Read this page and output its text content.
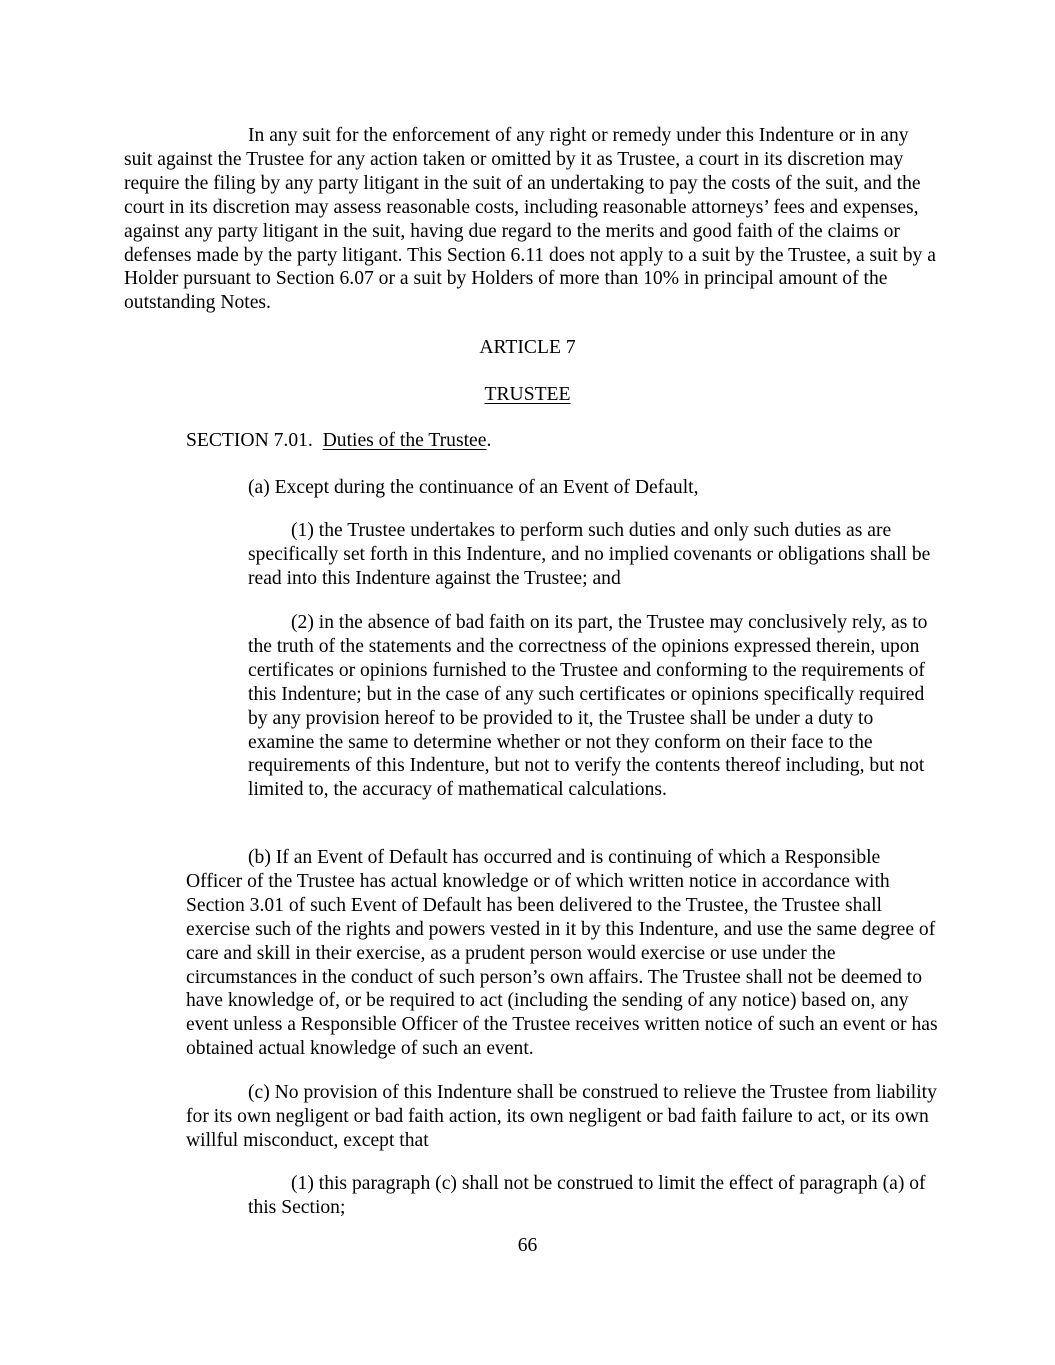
In any suit for the enforcement of any right or remedy under this Indenture or in any suit against the Trustee for any action taken or omitted by it as Trustee, a court in its discretion may require the filing by any party litigant in the suit of an undertaking to pay the costs of the suit, and the court in its discretion may assess reasonable costs, including reasonable attorneys’ fees and expenses, against any party litigant in the suit, having due regard to the merits and good faith of the claims or defenses made by the party litigant. This Section 6.11 does not apply to a suit by the Trustee, a suit by a Holder pursuant to Section 6.07 or a suit by Holders of more than 10% in principal amount of the outstanding Notes.

ARTICLE 7

TRUSTEE

SECTION 7.01. Duties of the Trustee.

(a) Except during the continuance of an Event of Default,

(1) the Trustee undertakes to perform such duties and only such duties as are specifically set forth in this Indenture, and no implied covenants or obligations shall be read into this Indenture against the Trustee; and

(2) in the absence of bad faith on its part, the Trustee may conclusively rely, as to the truth of the statements and the correctness of the opinions expressed therein, upon certificates or opinions furnished to the Trustee and conforming to the requirements of this Indenture; but in the case of any such certificates or opinions specifically required by any provision hereof to be provided to it, the Trustee shall be under a duty to examine the same to determine whether or not they conform on their face to the requirements of this Indenture, but not to verify the contents thereof including, but not limited to, the accuracy of mathematical calculations.

(b) If an Event of Default has occurred and is continuing of which a Responsible Officer of the Trustee has actual knowledge or of which written notice in accordance with Section 3.01 of such Event of Default has been delivered to the Trustee, the Trustee shall exercise such of the rights and powers vested in it by this Indenture, and use the same degree of care and skill in their exercise, as a prudent person would exercise or use under the circumstances in the conduct of such person’s own affairs. The Trustee shall not be deemed to have knowledge of, or be required to act (including the sending of any notice) based on, any event unless a Responsible Officer of the Trustee receives written notice of such an event or has obtained actual knowledge of such an event.

(c) No provision of this Indenture shall be construed to relieve the Trustee from liability for its own negligent or bad faith action, its own negligent or bad faith failure to act, or its own willful misconduct, except that

(1) this paragraph (c) shall not be construed to limit the effect of paragraph (a) of this Section;

66
